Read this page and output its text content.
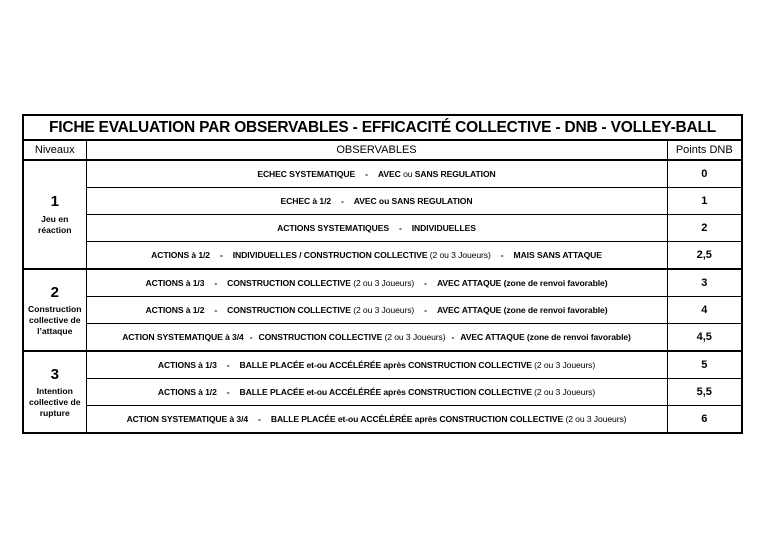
FICHE EVALUATION PAR OBSERVABLES - EFFICACITÉ COLLECTIVE - DNB - VOLLEY-BALL		
Niveaux	OBSERVABLES	Points DNB

1
Jeu en
réaction	ECHEC SYSTEMATIQUE-AVEC ou SANS REGULATION	0
	ECHEC à 1/2-AVEC ou SANS REGULATION	1
	ACTIONS SYSTEMATIQUES-INDIVIDUELLES	2
	ACTIONS à 1/2-INDIVIDUELLES / CONSTRUCTION COLLECTIVE (2 ou 3 Joueurs)-MAIS SANS ATTAQUE	2,5

2
Construction
collective de
l’attaque	ACTIONS à 1/3-CONSTRUCTION COLLECTIVE (2 ou 3 Joueurs)-AVEC ATTAQUE (zone de renvoi favorable)	3
	ACTIONS à 1/2-CONSTRUCTION COLLECTIVE (2 ou 3 Joueurs)-AVEC ATTAQUE (zone de renvoi favorable)	4
	ACTION SYSTEMATIQUE à 3/4-CONSTRUCTION COLLECTIVE (2 ou 3 Joueurs)-AVEC ATTAQUE (zone de renvoi favorable)	4,5

3
Intention
collective de
rupture	ACTIONS à 1/3-BALLE PLACÉE et-ou ACCÉLÉRÉE après CONSTRUCTION COLLECTIVE (2 ou 3 Joueurs)	5
	ACTIONS à 1/2-BALLE PLACÉE et-ou ACCÉLÉRÉE après CONSTRUCTION COLLECTIVE (2 ou 3 Joueurs)	5,5
	ACTION SYSTEMATIQUE à 3/4-BALLE PLACÉE et-ou ACCÉLÉRÉE après CONSTRUCTION COLLECTIVE (2 ou 3 Joueurs)	6
